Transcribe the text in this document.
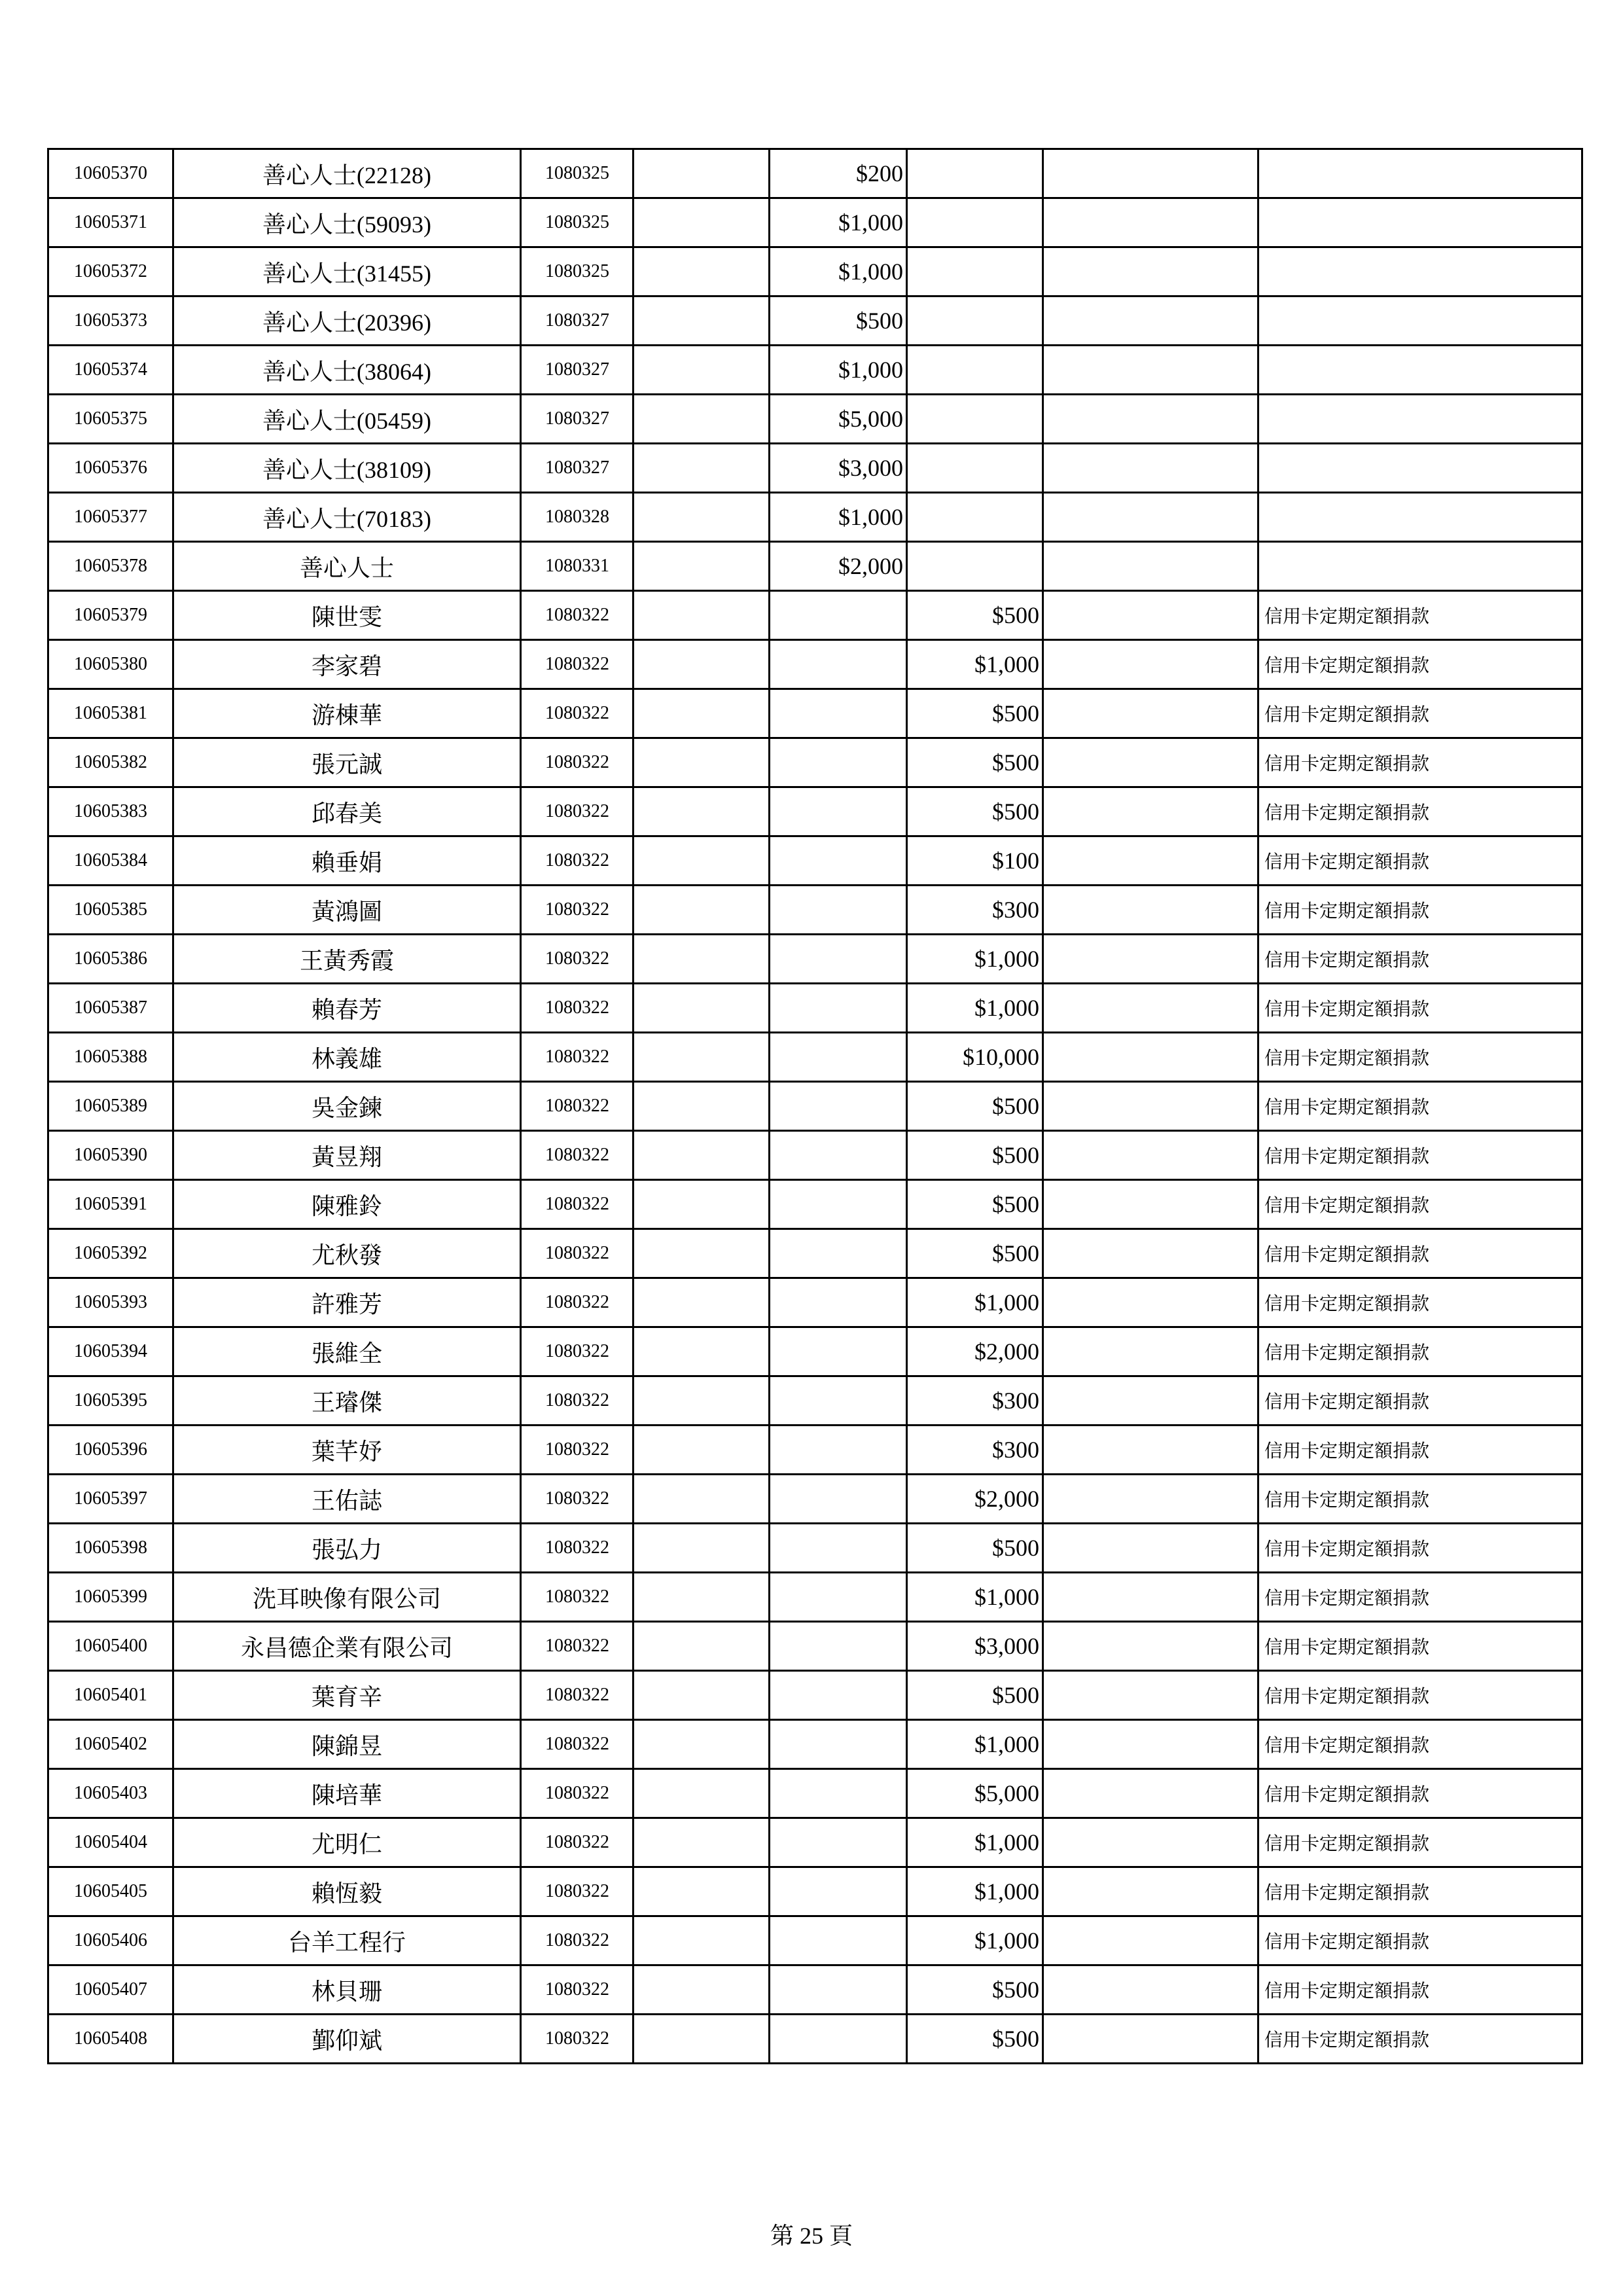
10605370	善心人士(22128)	1080325		$200			
10605371	善心人士(59093)	1080325		$1,000			
10605372	善心人士(31455)	1080325		$1,000			
10605373	善心人士(20396)	1080327		$500			
10605374	善心人士(38064)	1080327		$1,000			
10605375	善心人士(05459)	1080327		$5,000			
10605376	善心人士(38109)	1080327		$3,000			
10605377	善心人士(70183)	1080328		$1,000			
10605378	善心人士	1080331		$2,000			
10605379	陳世雯	1080322			$500		信用卡定期定額捐款
10605380	李家碧	1080322			$1,000		信用卡定期定額捐款
10605381	游棟華	1080322			$500		信用卡定期定額捐款
10605382	張元誠	1080322			$500		信用卡定期定額捐款
10605383	邱春美	1080322			$500		信用卡定期定額捐款
10605384	賴垂娟	1080322			$100		信用卡定期定額捐款
10605385	黃鴻圖	1080322			$300		信用卡定期定額捐款
10605386	王黃秀霞	1080322			$1,000		信用卡定期定額捐款
10605387	賴春芳	1080322			$1,000		信用卡定期定額捐款
10605388	林義雄	1080322			$10,000		信用卡定期定額捐款
10605389	吳金鍊	1080322			$500		信用卡定期定額捐款
10605390	黃昱翔	1080322			$500		信用卡定期定額捐款
10605391	陳雅鈴	1080322			$500		信用卡定期定額捐款
10605392	尤秋發	1080322			$500		信用卡定期定額捐款
10605393	許雅芳	1080322			$1,000		信用卡定期定額捐款
10605394	張維全	1080322			$2,000		信用卡定期定額捐款
10605395	王璿傑	1080322			$300		信用卡定期定額捐款
10605396	葉芊妤	1080322			$300		信用卡定期定額捐款
10605397	王佑誌	1080322			$2,000		信用卡定期定額捐款
10605398	張弘力	1080322			$500		信用卡定期定額捐款
10605399	洗耳映像有限公司	1080322			$1,000		信用卡定期定額捐款
10605400	永昌德企業有限公司	1080322			$3,000		信用卡定期定額捐款
10605401	葉育辛	1080322			$500		信用卡定期定額捐款
10605402	陳錦昱	1080322			$1,000		信用卡定期定額捐款
10605403	陳培華	1080322			$5,000		信用卡定期定額捐款
10605404	尤明仁	1080322			$1,000		信用卡定期定額捐款
10605405	賴恆毅	1080322			$1,000		信用卡定期定額捐款
10605406	台羊工程行	1080322			$1,000		信用卡定期定額捐款
10605407	林貝珊	1080322			$500		信用卡定期定額捐款
10605408	鄞仰斌	1080322			$500		信用卡定期定額捐款
第 25 頁
